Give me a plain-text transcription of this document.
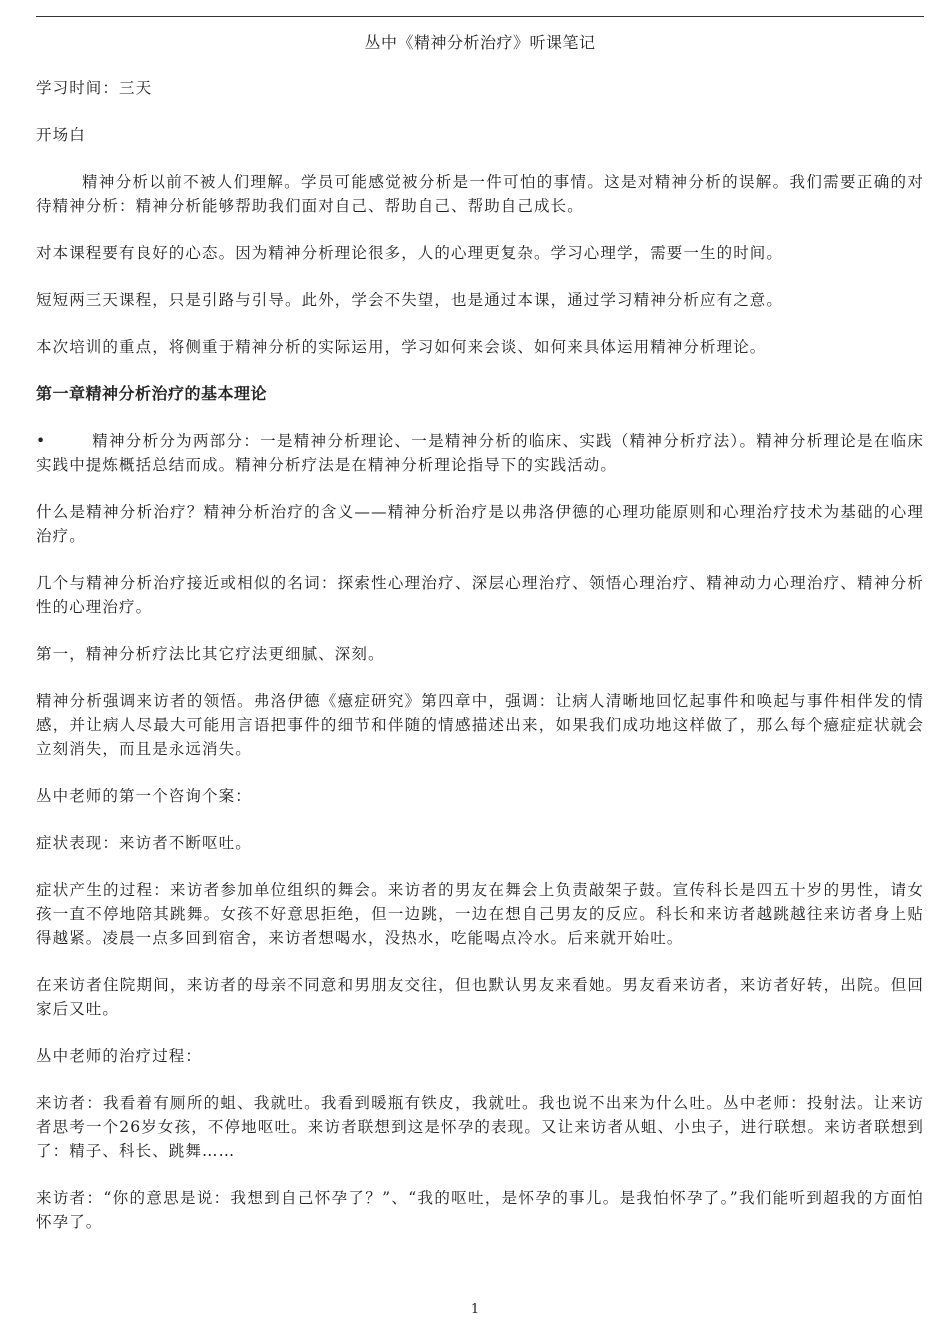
丛中《精神分析治疗》听课笔记

学习时间：三天

开场白

精神分析以前不被人们理解。学员可能感觉被分析是一件可怕的事情。这是对精神分析的误解。我们需要正确的对待精神分析：精神分析能够帮助我们面对自己、帮助自己、帮助自己成长。

对本课程要有良好的心态。因为精神分析理论很多，人的心理更复杂。学习心理学，需要一生的时间。

短短两三天课程，只是引路与引导。此外，学会不失望，也是通过本课，通过学习精神分析应有之意。

本次培训的重点，将侧重于精神分析的实际运用，学习如何来会谈、如何来具体运用精神分析理论。

第一章精神分析治疗的基本理论

•	精神分析分为两部分：一是精神分析理论、一是精神分析的临床、实践（精神分析疗法）。精神分析理论是在临床实践中提炼概括总结而成。精神分析疗法是在精神分析理论指导下的实践活动。

什么是精神分析治疗？精神分析治疗的含义——精神分析治疗是以弗洛伊德的心理功能原则和心理治疗技术为基础的心理治疗。

几个与精神分析治疗接近或相似的名词：探索性心理治疗、深层心理治疗、领悟心理治疗、精神动力心理治疗、精神分析性的心理治疗。

第一，精神分析疗法比其它疗法更细腻、深刻。

精神分析强调来访者的领悟。弗洛伊德《癔症研究》第四章中，强调：让病人清晰地回忆起事件和唤起与事件相伴发的情感，并让病人尽最大可能用言语把事件的细节和伴随的情感描述出来，如果我们成功地这样做了，那么每个癔症症状就会立刻消失，而且是永远消失。

丛中老师的第一个咨询个案：

症状表现：来访者不断呕吐。

症状产生的过程：来访者参加单位组织的舞会。来访者的男友在舞会上负责敲架子鼓。宣传科长是四五十岁的男性，请女孩一直不停地陪其跳舞。女孩不好意思拒绝，但一边跳，一边在想自己男友的反应。科长和来访者越跳越往来访者身上贴得越紧。凌晨一点多回到宿舍，来访者想喝水，没热水，吃能喝点冷水。后来就开始吐。

在来访者住院期间，来访者的母亲不同意和男朋友交往，但也默认男友来看她。男友看来访者，来访者好转，出院。但回家后又吐。

丛中老师的治疗过程：

来访者：我看着有厕所的蛆、我就吐。我看到暖瓶有铁皮，我就吐。我也说不出来为什么吐。丛中老师：投射法。让来访者思考一个26岁女孩，不停地呕吐。来访者联想到这是怀孕的表现。又让来访者从蛆、小虫子，进行联想。来访者联想到了：精子、科长、跳舞……

来访者：“你的意思是说：我想到自己怀孕了？”、“我的呕吐，是怀孕的事儿。是我怕怀孕了。”我们能听到超我的方面怕怀孕了。

1
